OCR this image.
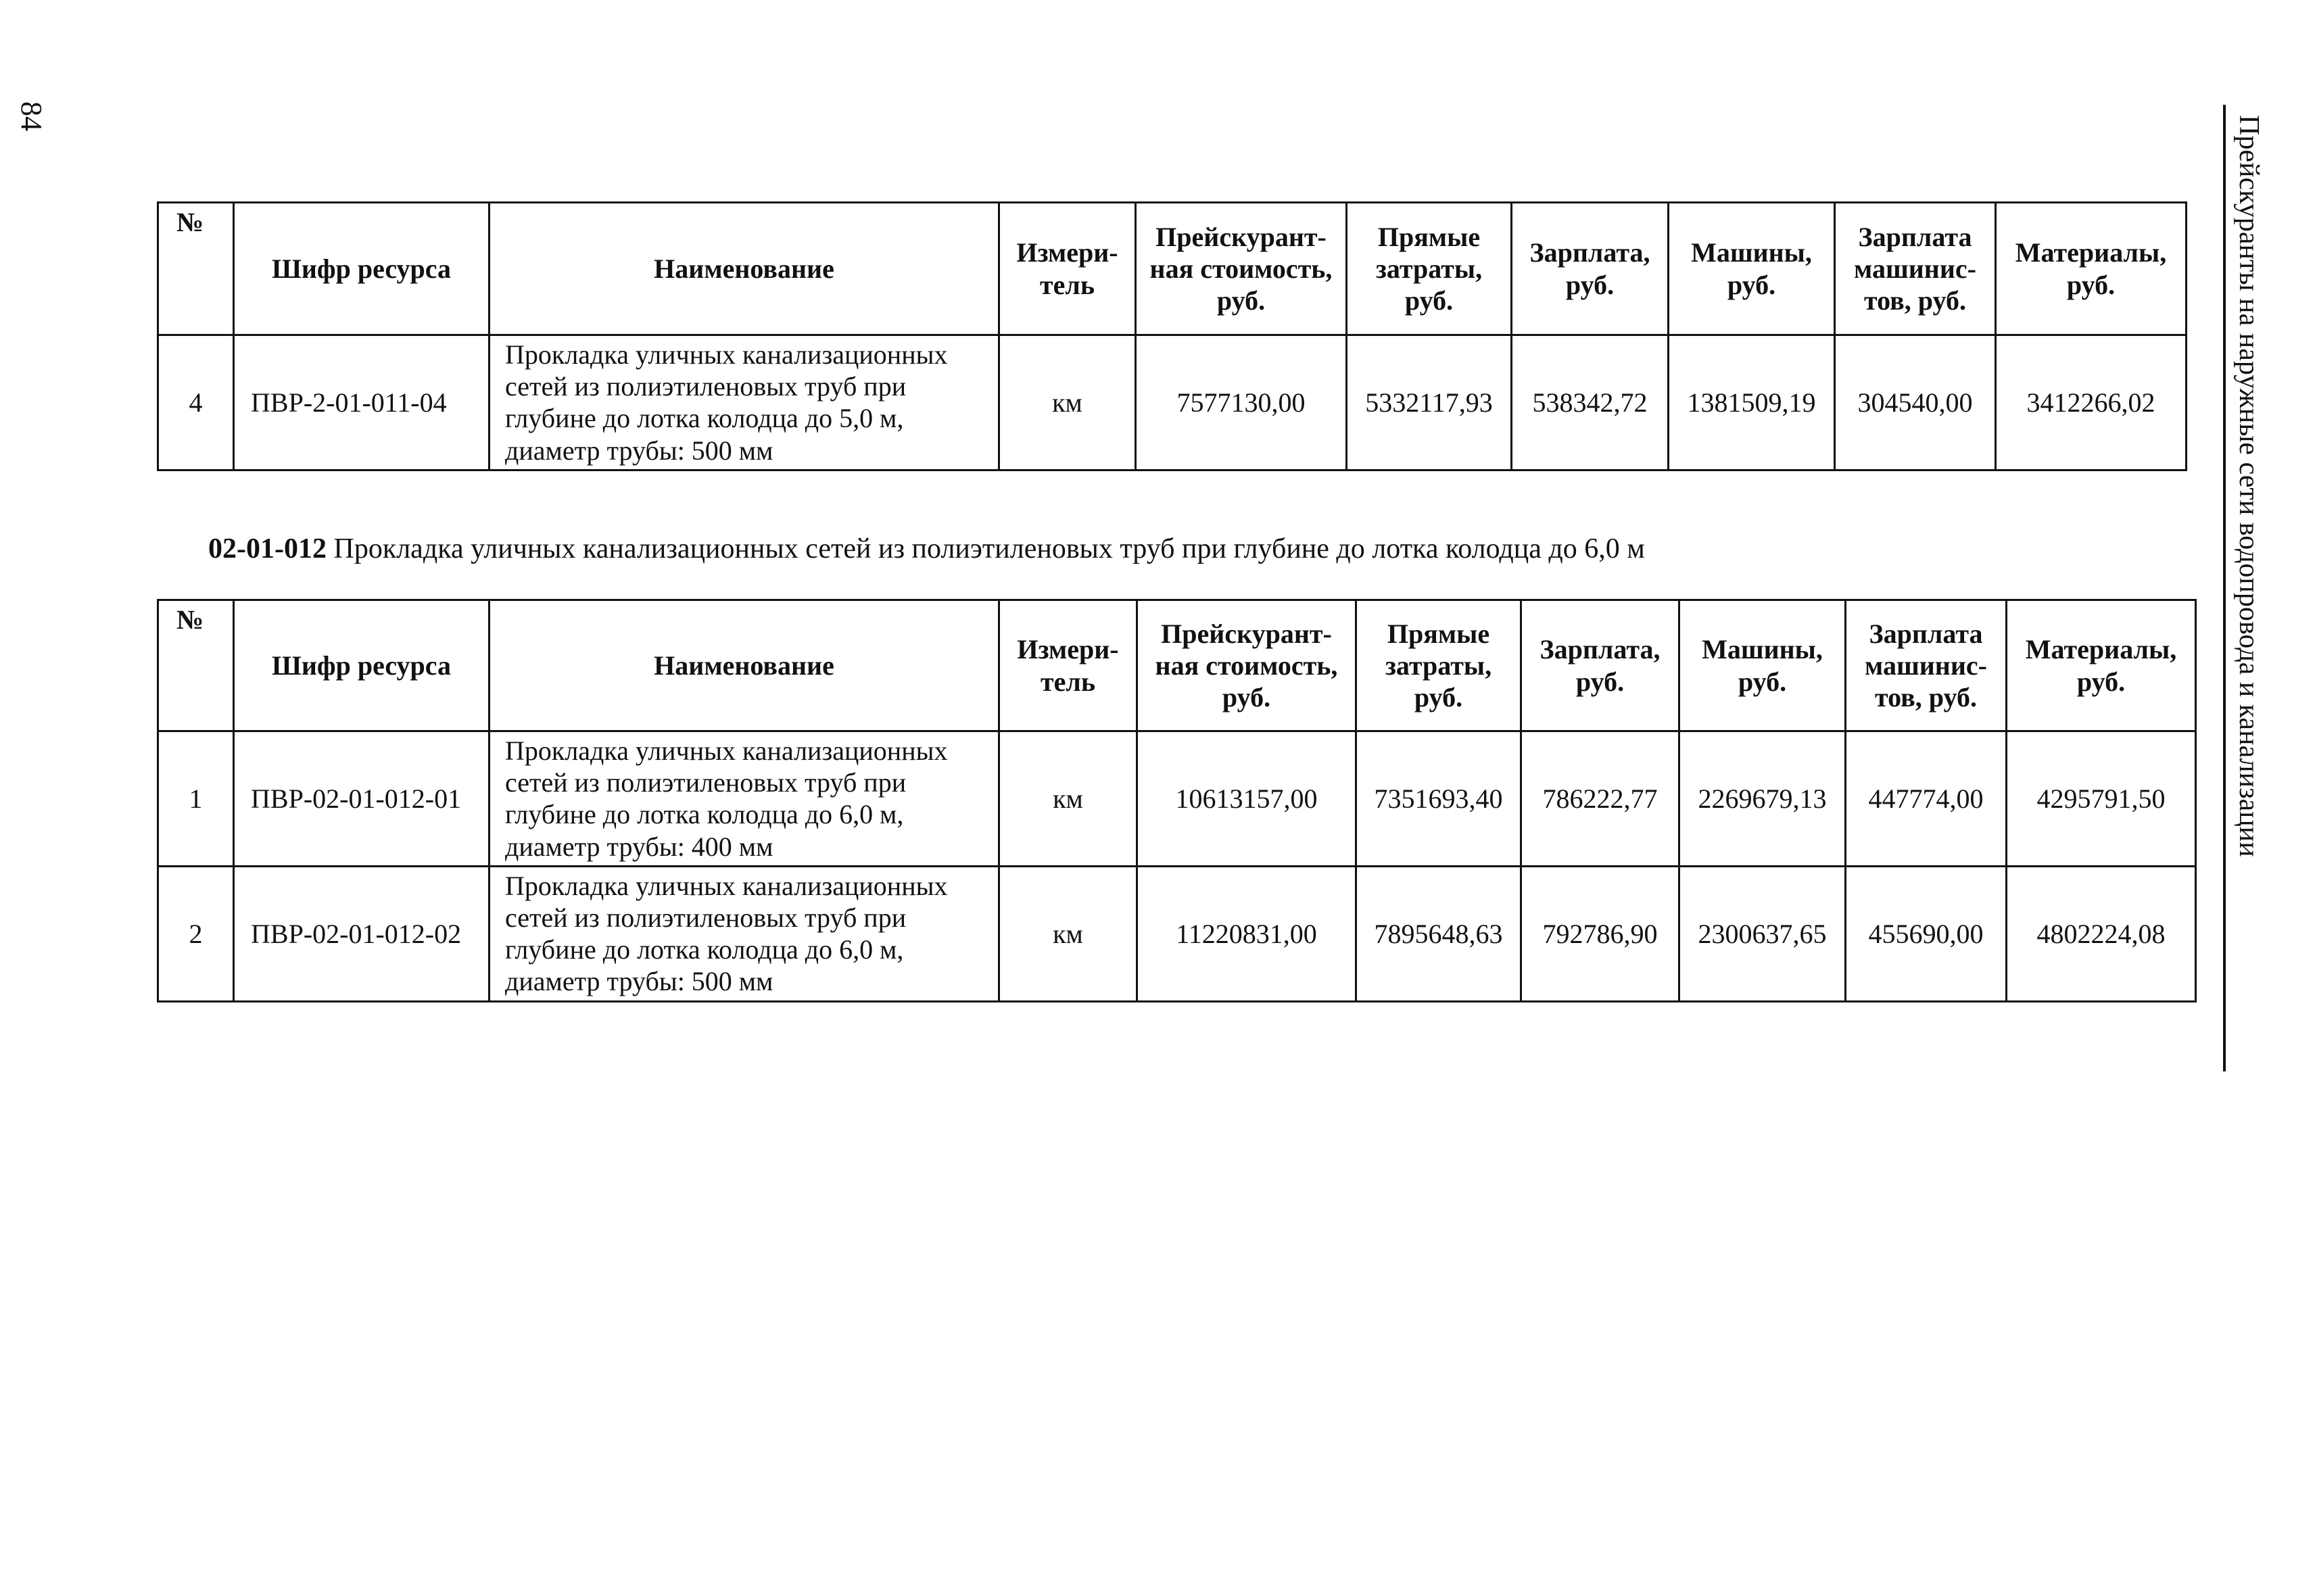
84	Прейскуранты на наружные сети водопровода и канализации
№	Шифр ресурса	Наименование	Измери-тель	Прейскурант-ная стоимость, руб.	Прямые затраты, руб.	Зарплата, руб.	Машины, руб.	Зарплата машинис-тов, руб.	Материалы, руб.
4	ПВР-2-01-011-04	Прокладка уличных канализационных сетей из полиэтиленовых труб при глубине до лотка колодца до 5,0 м, диаметр трубы: 500 мм	км	7577130,00	5332117,93	538342,72	1381509,19	304540,00	3412266,02
02-01-012 Прокладка уличных канализационных сетей из полиэтиленовых труб при глубине до лотка колодца до 6,0 м
№	Шифр ресурса	Наименование	Измери-тель	Прейскурант-ная стоимость, руб.	Прямые затраты, руб.	Зарплата, руб.	Машины, руб.	Зарплата машинис-тов, руб.	Материалы, руб.
1	ПВР-02-01-012-01	Прокладка уличных канализационных сетей из полиэтиленовых труб при глубине до лотка колодца до 6,0 м, диаметр трубы: 400 мм	км	10613157,00	7351693,40	786222,77	2269679,13	447774,00	4295791,50
2	ПВР-02-01-012-02	Прокладка уличных канализационных сетей из полиэтиленовых труб при глубине до лотка колодца до 6,0 м, диаметр трубы: 500 мм	км	11220831,00	7895648,63	792786,90	2300637,65	455690,00	4802224,08
